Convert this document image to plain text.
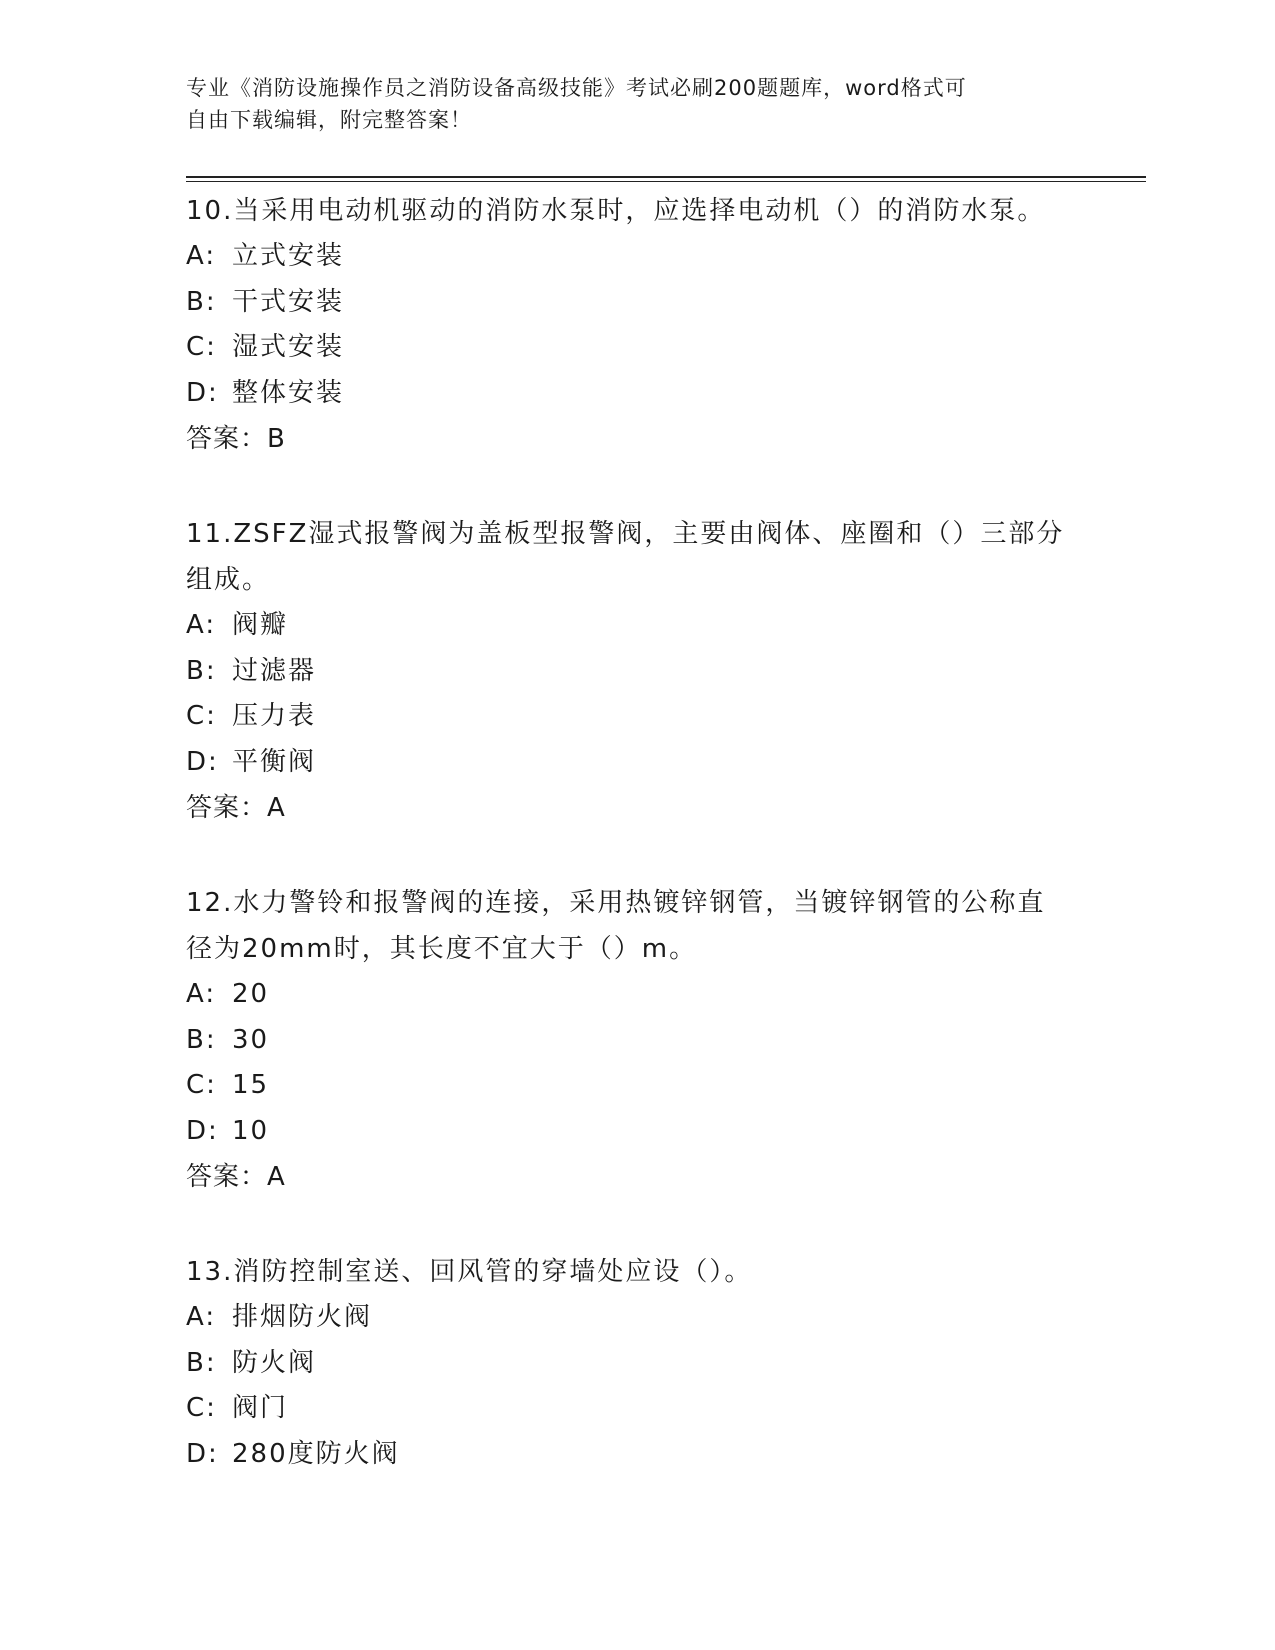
专业《消防设施操作员之消防设备高级技能》考试必刷200题题库，word格式可
自由下载编辑，附完整答案！
10.当采用电动机驱动的消防水泵时，应选择电动机（）的消防水泵。
A: 立式安装
B: 干式安装
C: 湿式安装
D: 整体安装
答案：B
11.ZSFZ湿式报警阀为盖板型报警阀，主要由阀体、座圈和（）三部分
组成。
A: 阀瓣
B: 过滤器
C: 压力表
D: 平衡阀
答案：A
12.水力警铃和报警阀的连接，采用热镀锌钢管，当镀锌钢管的公称直
径为20mm时，其长度不宜大于（）m。
A: 20
B: 30
C: 15
D: 10
答案：A
13.消防控制室送、回风管的穿墙处应设（）。
A: 排烟防火阀
B: 防火阀
C: 阀门
D: 280度防火阀
